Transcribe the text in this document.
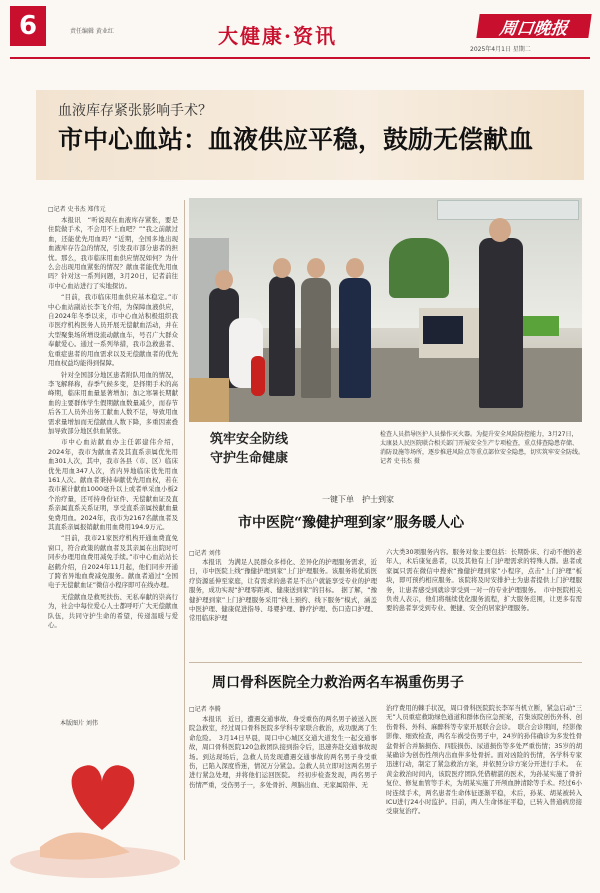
6	责任编辑 黄业红	大健康·资讯	周口晚报
2025年4月1日 星期二
血液库存紧张影响手术？
市中心血站：血液供应平稳，鼓励无偿献血
□记者 史书杰 郑伟元

本报讯　“听说现在血液库存紧张，要是住院做手术，不会用不上血吧？”“我之前献过血，还能优先用血吗？”近期，全国多地出现血液库存告急的情况，引发我市部分患者的担忧。那么，我市临床用血供应情况如何？为什么会出现用血紧张的情况？献血者能优先用血吗？针对这一系列问题，3月20日，记者前往市中心血站进行了实地探访。

“目前，我市临床用血供应基本稳定。”市中心血站副站长李飞介绍，为保障血液供应，自2024年冬季以来，市中心血站积极组织我市医疗机构医务人员开展无偿献血活动，并在大型聚集场所增设流动献血车，号召广大群众奉献爱心。通过一系列举措，我市急救患者、危重症患者的用血需求以及无偿献血者的优先用血权益均能得到保障。

针对全国部分地区患者附队用血的情况，李飞解释称，春季气候多变，是择期手术的高峰期，临床用血量显著增加；加之寒暑长期献血的主要群体学生假期献血数量减少，而春节后各工人员外出务工献血人数不足，导致用血需求量增加而无偿献血人数下降，多重因素叠加导致部分地区供血紧张。

市中心血站献血办主任郭建伟介绍，2024年，我市为献血者及其直系亲属优先用血301人次，其中，我市各县（市、区）临床优先用血347人次，省内异地临床优先用血161人次。献血者秉持奉献优先用血权，若在我市累计献血1000毫升以上或者单采血小板2个治疗量，还可持身份证件、无偿献血证及直系亲属直系关系证明，享受直系亲属按献血量免费用血。2024年，我市为2167名献血者及其直系亲属报销献血用血费用194.9万元。

“目前，我市21家医疗机构开通血费直免窗口，符合政策的献血者及其亲属在出院时可同步办理用血费用减免手续。”市中心血站站长赵鹤介绍，自2024年11月起，他们同步开通了跨省异地血费减免服务。献血者通过“全国电子无偿献血证”微信小程序即可在线办理。

无偿献血是救死扶伤、无私奉献的崇高行为，社会中每位爱心人士都呼吁广大无偿献血队伍，共同守护生命的希望，传递温暖与爱心。

本版图片 刘伟
筑牢安全防线
守护生命健康
检查人员指导医护人员操作灭火器。为提升安全风险防控能力，3月27日，太康县人民医院联合相关部门开展安全生产专项检查，重点排查隐患存储、消防设施等场所，逐步推进风险点等重点部位安全隐患，切实筑牢安全防线。　　　记者 史书杰 摄
一键下单　护士到家
市中医院“豫健护理到家”服务暖人心
□记者 刘伟
本报讯　为满足人民群众多样化、差异化的护理服务需求，近日，市中医院上线“豫健护理到家”上门护理服务。该服务将优质医疗资源延伸至家庭，让有需求的患者足不出户就能享受专业的护理服务，成功实现“护理零距离、健康送到家”的目标。　据了解，“豫健护理到家”上门护理服务采用“线上预约、线下服务”模式，涵盖中医护理、健康促进指导、母婴护理、静疗护理、伤口造口护理、常用临床护理
六大类30项服务内容。服务对象主要包括：长期卧床、行动不便的老年人，术后康复患者，以及其他有上门护理需求的特殊人群。患者或家属只需在微信中搜索“豫健护理到家”小程序，点击“上门护理”板块，即可预约相应服务。该院将及时安排护士为患者提供上门护理服务，让患者感受到就诊享受到一对一的专业护理服务。　市中医院相关负责人表示，他们将继续优化服务流程，扩大服务范围，让更多有需要的患者享受到专业、便捷、安全的居家护理服务。
周口骨科医院全力救治两名车祸重伤男子
□记者 李腾
本报讯　近日，遭遇交通事故、身受重伤的两名男子被送入医院急救室，经过周口骨科医院多学科专家联合救治，成功脱离了生命危险。　3月14日早晨，周口中心城区交通大道发生一起交通事故，周口骨科医院120急救团队接到指令后，迅速奔赴交通事故现场。到达现场后，急救人员发现遭遇交通事故的两名男子身受重伤，已陷入深度昏迷，情况万分紧急。急救人员立即对这两名男子进行紧急处理，并将他们运回医院。　经初步检查发现，两名男子伤情严重，受伤男子一，多处骨折、颅脑出血、无家属陪伴、无
治疗费用的棘手状况，周口骨科医院院长李军当机立断，紧急启动“三无”人员重症救助绿色通道和群体伤应急预案，召集该院创伤外科、创伤骨科、外科、麻醉科等专家开展联合会诊。　联合会诊期间，经影像影像、细致检查，两名车祸受伤男子中，24岁的孙伟确诊为多发性骨盆骨折合并脑损伤、四肢损伤、尿道损伤等多处严重伤情；35岁的胡某确诊为创伤性颅内出血伴多处骨折。面对凶险的伤情，各学科专家迅速行动，制定了紧急救治方案，并依照分诊方案分开进行手术。　在黄金救治时间内，该院医疗团队凭借精湛的医术，为孙某实施了骨折复位、修复血管等手术，为胡某实施了开颅血肿清除等手术。经过6小时连续手术，两名患者生命体征逐渐平稳，术后，孙某、胡某被转入ICU进行24小时监护。目前，两人生命体征平稳，已转入普通病房接受康复治疗。
